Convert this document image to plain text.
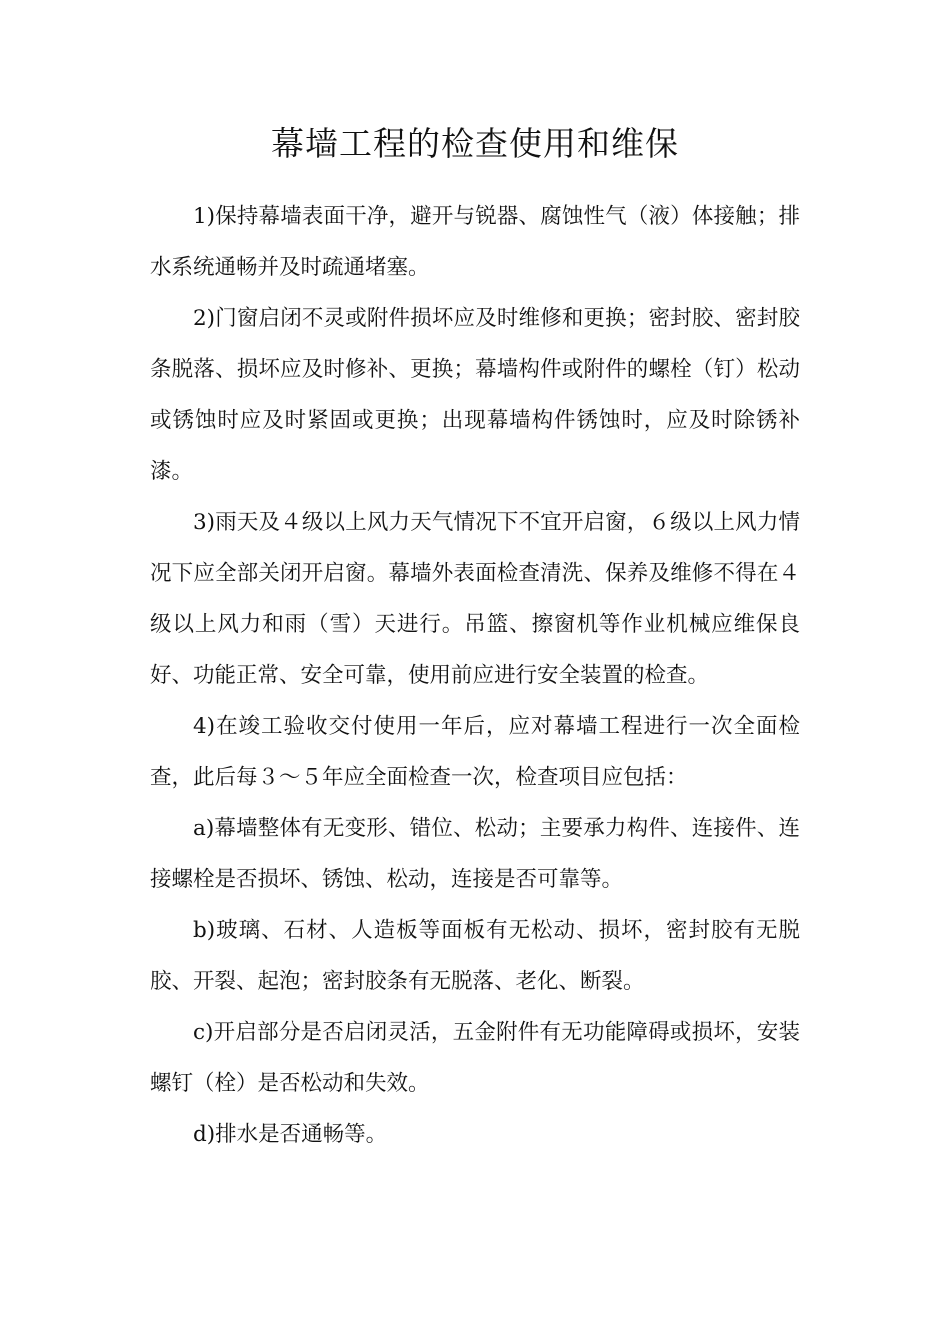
幕墙工程的检查使用和维保

1)保持幕墙表面干净，避开与锐器、腐蚀性气（液）体接触；排水系统通畅并及时疏通堵塞。

2)门窗启闭不灵或附件损坏应及时维修和更换；密封胶、密封胶条脱落、损坏应及时修补、更换；幕墙构件或附件的螺栓（钉）松动或锈蚀时应及时紧固或更换；出现幕墙构件锈蚀时，应及时除锈补漆。

3)雨天及４级以上风力天气情况下不宜开启窗，６级以上风力情况下应全部关闭开启窗。幕墙外表面检查清洗、保养及维修不得在４级以上风力和雨（雪）天进行。吊篮、擦窗机等作业机械应维保良好、功能正常、安全可靠，使用前应进行安全装置的检查。

4)在竣工验收交付使用一年后，应对幕墙工程进行一次全面检查，此后每３～５年应全面检查一次，检查项目应包括：

a)幕墙整体有无变形、错位、松动；主要承力构件、连接件、连接螺栓是否损坏、锈蚀、松动，连接是否可靠等。

b)玻璃、石材、人造板等面板有无松动、损坏，密封胶有无脱胶、开裂、起泡；密封胶条有无脱落、老化、断裂。

c)开启部分是否启闭灵活，五金附件有无功能障碍或损坏，安装螺钉（栓）是否松动和失效。

d)排水是否通畅等。
